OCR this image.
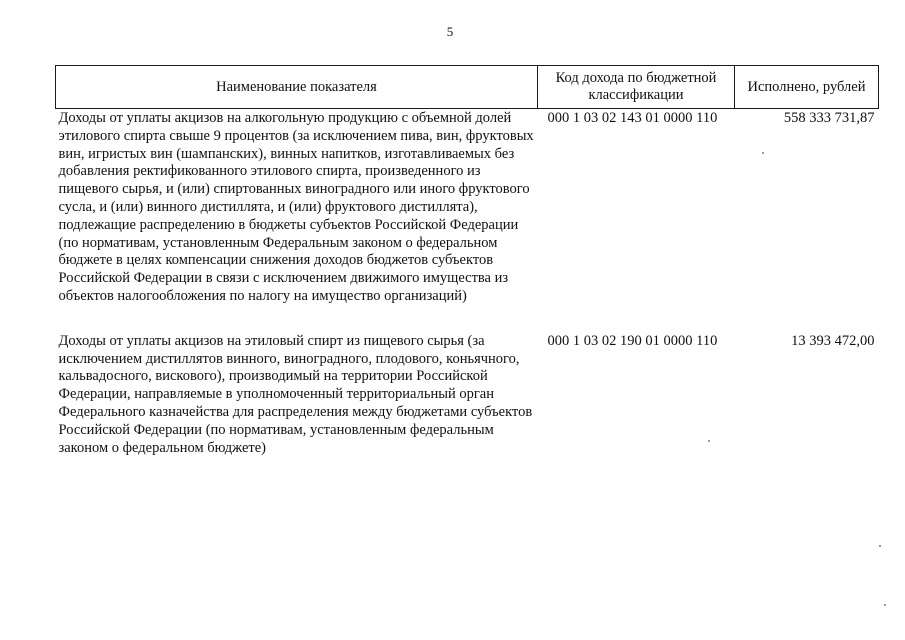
5
Наименование показателя	Код дохода по бюджетной классификации	Исполнено, рублей
Доходы от уплаты акцизов на алкогольную продукцию с объемной долей этилового спирта свыше 9 процентов (за исключением пива, вин, фруктовых вин, игристых вин (шампанских), винных напитков, изготавливаемых без добавления ректификованного этилового спирта, произведенного из пищевого сырья, и (или) спиртованных виноградного или иного фруктового сусла, и (или) винного дистиллята, и (или) фруктового дистиллята), подлежащие распределению в бюджеты субъектов Российской Федерации (по нормативам, установленным Федеральным законом о федеральном бюджете в целях компенсации снижения доходов бюджетов субъектов Российской Федерации в связи с исключением движимого имущества из объектов налогообложения по налогу на имущество организаций)	000 1 03 02 143 01 0000 110	558 333 731,87
Доходы от уплаты акцизов на этиловый спирт из пищевого сырья (за исключением дистиллятов винного, виноградного, плодового, коньячного, кальвадосного, вискового), производимый на территории Российской Федерации, направляемые в уполномоченный территориальный орган Федерального казначейства для распределения между бюджетами субъектов Российской Федерации (по нормативам, установленным федеральным законом о федеральном бюджете)	000 1 03 02 190 01 0000 110	13 393 472,00
